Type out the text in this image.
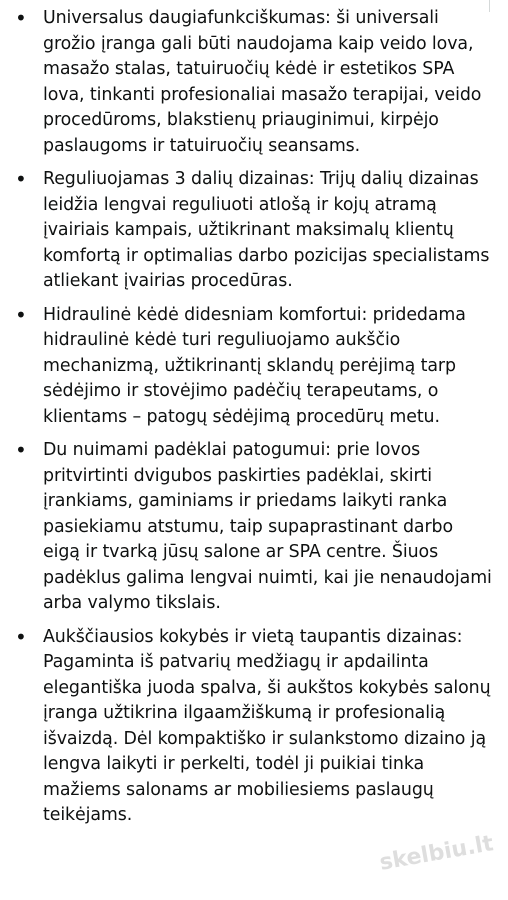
• Universalus daugiafunkciškumas: ši universali grožio įranga gali būti naudojama kaip veido lova, masažo stalas, tatuiruočių kėdė ir estetikos SPA lova, tinkanti profesionaliai masažo terapijai, veido procedūroms, blakstienų priauginimui, kirpėjo paslaugoms ir tatuiruočių seansams.
• Reguliuojamas 3 dalių dizainas: Trijų dalių dizainas leidžia lengvai reguliuoti atlošą ir kojų atramą įvairiais kampais, užtikrinant maksimalų klientų komfortą ir optimalias darbo pozicijas specialistams atliekant įvairias procedūras.
• Hidraulinė kėdė didesniam komfortui: pridedama hidraulinė kėdė turi reguliuojamo aukščio mechanizmą, užtikrinantį sklandų perėjimą tarp sėdėjimo ir stovėjimo padėčių terapeutams, o klientams – patogų sėdėjimą procedūrų metu.
• Du nuimami padėklai patogumui: prie lovos pritvirtinti dvigubos paskirties padėklai, skirti įrankiams, gaminiams ir priedams laikyti ranka pasiekiamu atstumu, taip supaprastinant darbo eigą ir tvarką jūsų salone ar SPA centre. Šiuos padėklus galima lengvai nuimti, kai jie nenaudojami arba valymo tikslais.
• Aukščiausios kokybės ir vietą taupantis dizainas: Pagaminta iš patvarių medžiagų ir apdailinta elegantiška juoda spalva, ši aukštos kokybės salonų įranga užtikrina ilgaamžiškumą ir profesionalią išvaizdą. Dėl kompaktiško ir sulankstomo dizaino ją lengva laikyti ir perkelti, todėl ji puikiai tinka mažiems salonams ar mobiliesiems paslaugų teikėjams.
skelbiu.lt
